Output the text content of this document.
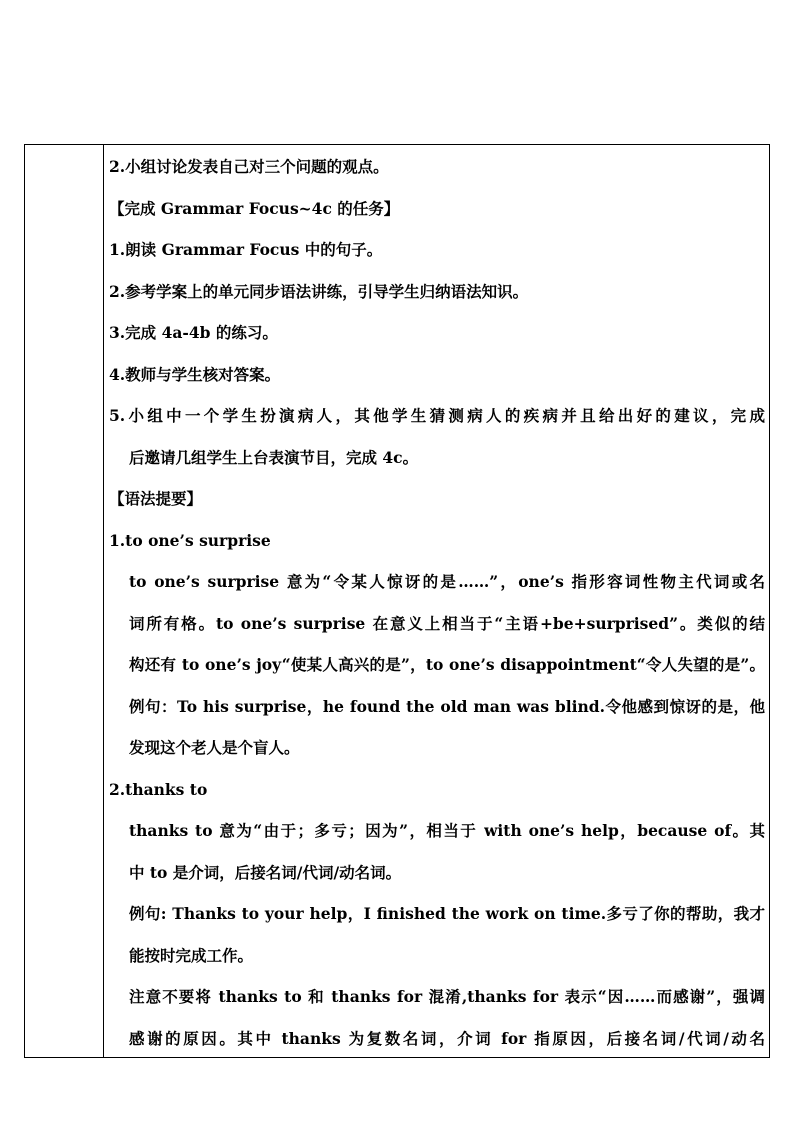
2.小组讨论发表自己对三个问题的观点。
【完成 Grammar Focus~4c 的任务】
1.朗读 Grammar Focus 中的句子。
2.参考学案上的单元同步语法讲练，引导学生归纳语法知识。
3.完成 4a-4b 的练习。
4.教师与学生核对答案。
5.小组中一个学生扮演病人，其他学生猜测病人的疾病并且给出好的建议，完成
后邀请几组学生上台表演节目，完成 4c。
【语法提要】
1.to one’s surprise
to one’s surprise 意为“令某人惊讶的是……”，one’s 指形容词性物主代词或名
词所有格。to one’s surprise 在意义上相当于“主语+be+surprised”。类似的结
构还有 to one’s joy“使某人高兴的是”，to one’s disappointment“令人失望的是”。
例句：To his surprise，he found the old man was blind.令他感到惊讶的是，他
发现这个老人是个盲人。
2.thanks to
thanks to 意为“由于；多亏；因为”，相当于 with one’s help，because of。其
中 to 是介词，后接名词/代词/动名词。
例句: Thanks to your help，I finished the work on time.多亏了你的帮助，我才
能按时完成工作。
注意不要将 thanks to 和 thanks for 混淆,thanks for 表示“因……而感谢”，强调
感谢的原因。其中 thanks 为复数名词，介词 for 指原因，后接名词/代词/动名
